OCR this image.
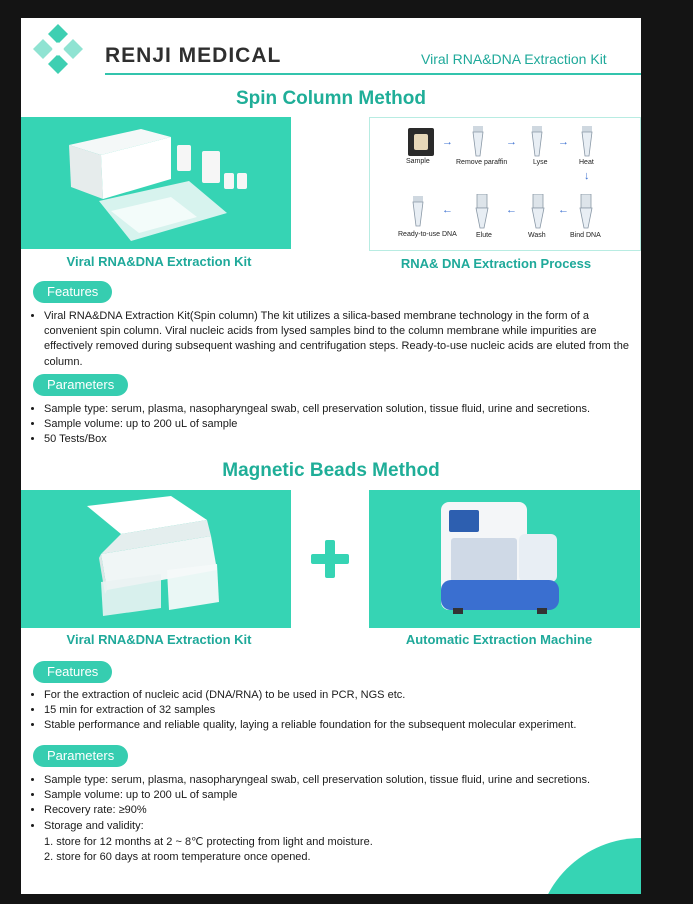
RENJI MEDICAL	Viral RNA&DNA Extraction Kit
Spin Column Method
→	→	→
↓
←	←	←
Sample	Remove paraffin	Lyse	Heat
Bind DNA
Wash
Elute
Ready-to-use DNA
Viral RNA&DNA Extraction Kit	RNA& DNA Extraction Process
Features
• Viral RNA&DNA Extraction Kit(Spin column) The kit utilizes a silica-based membrane technology in the form of a convenient spin column. Viral nucleic acids from lysed samples bind to the column membrane while impurities are effectively removed during subsequent washing and centrifugation steps. Ready-to-use nucleic acids are eluted from the column.
Parameters
• Sample type: serum, plasma, nasopharyngeal swab, cell preservation solution, tissue fluid, urine and secretions.
• Sample volume: up to 200 uL of sample
• 50 Tests/Box
Magnetic Beads Method
Viral RNA&DNA Extraction Kit	Automatic Extraction Machine
Features
• For the extraction of nucleic acid (DNA/RNA) to be used in PCR, NGS etc.
• 15 min for extraction of 32 samples
• Stable performance and reliable quality, laying a reliable foundation for the subsequent molecular experiment.
Parameters
• Sample type: serum, plasma, nasopharyngeal swab, cell preservation solution, tissue fluid, urine and secretions.
• Sample volume: up to 200 uL of sample
• Recovery rate: ≥90%
• Storage and validity:
1. store for 12 months at 2 ~ 8℃ protecting from light and moisture.
2. store for 60 days at room temperature once opened.
